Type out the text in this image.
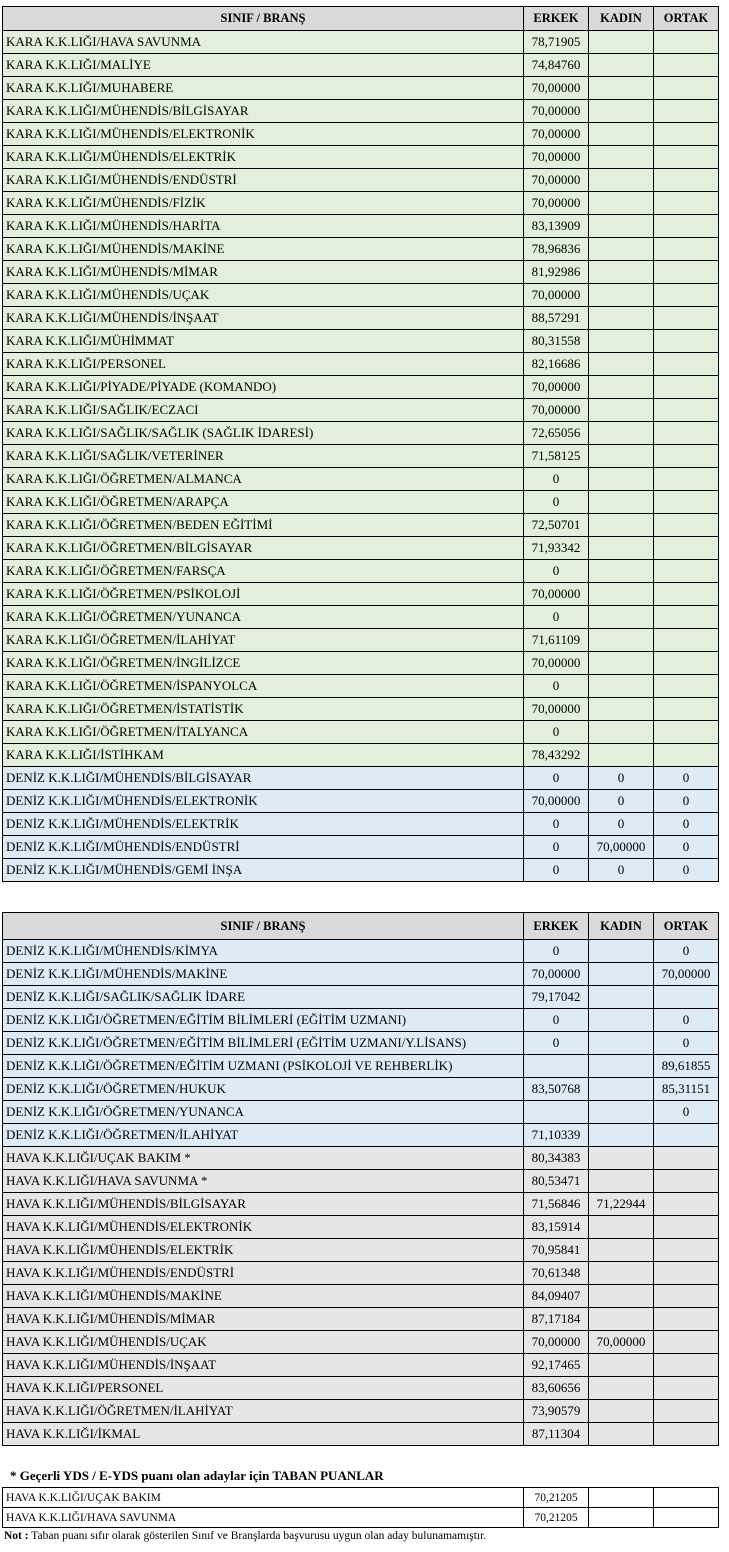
SINIF / BRANŞ	ERKEK	KADIN	ORTAK
KARA K.K.LIĞI/HAVA SAVUNMA	78,71905		
KARA K.K.LIĞI/MALİYE	74,84760		
KARA K.K.LIĞI/MUHABERE	70,00000		
KARA K.K.LIĞI/MÜHENDİS/BİLGİSAYAR	70,00000		
KARA K.K.LIĞI/MÜHENDİS/ELEKTRONİK	70,00000		
KARA K.K.LIĞI/MÜHENDİS/ELEKTRİK	70,00000		
KARA K.K.LIĞI/MÜHENDİS/ENDÜSTRİ	70,00000		
KARA K.K.LIĞI/MÜHENDİS/FİZİK	70,00000		
KARA K.K.LIĞI/MÜHENDİS/HARİTA	83,13909		
KARA K.K.LIĞI/MÜHENDİS/MAKİNE	78,96836		
KARA K.K.LIĞI/MÜHENDİS/MİMAR	81,92986		
KARA K.K.LIĞI/MÜHENDİS/UÇAK	70,00000		
KARA K.K.LIĞI/MÜHENDİS/İNŞAAT	88,57291		
KARA K.K.LIĞI/MÜHİMMAT	80,31558		
KARA K.K.LIĞI/PERSONEL	82,16686		
KARA K.K.LIĞI/PİYADE/PİYADE (KOMANDO)	70,00000		
KARA K.K.LIĞI/SAĞLIK/ECZACI	70,00000		
KARA K.K.LIĞI/SAĞLIK/SAĞLIK (SAĞLIK İDARESİ)	72,65056		
KARA K.K.LIĞI/SAĞLIK/VETERİNER	71,58125		
KARA K.K.LIĞI/ÖĞRETMEN/ALMANCA	0		
KARA K.K.LIĞI/ÖĞRETMEN/ARAPÇA	0		
KARA K.K.LIĞI/ÖĞRETMEN/BEDEN EĞİTİMİ	72,50701		
KARA K.K.LIĞI/ÖĞRETMEN/BİLGİSAYAR	71,93342		
KARA K.K.LIĞI/ÖĞRETMEN/FARSÇA	0		
KARA K.K.LIĞI/ÖĞRETMEN/PSİKOLOJİ	70,00000		
KARA K.K.LIĞI/ÖĞRETMEN/YUNANCA	0		
KARA K.K.LIĞI/ÖĞRETMEN/İLAHİYAT	71,61109		
KARA K.K.LIĞI/ÖĞRETMEN/İNGİLİZCE	70,00000		
KARA K.K.LIĞI/ÖĞRETMEN/İSPANYOLCA	0		
KARA K.K.LIĞI/ÖĞRETMEN/İSTATİSTİK	70,00000		
KARA K.K.LIĞI/ÖĞRETMEN/İTALYANCA	0		
KARA K.K.LIĞI/İSTİHKAM	78,43292		
DENİZ K.K.LIĞI/MÜHENDİS/BİLGİSAYAR	0	0	0
DENİZ K.K.LIĞI/MÜHENDİS/ELEKTRONİK	70,00000	0	0
DENİZ K.K.LIĞI/MÜHENDİS/ELEKTRİK	0	0	0
DENİZ K.K.LIĞI/MÜHENDİS/ENDÜSTRİ	0	70,00000	0
DENİZ K.K.LIĞI/MÜHENDİS/GEMİ İNŞA	0	0	0
SINIF / BRANŞ	ERKEK	KADIN	ORTAK
DENİZ K.K.LIĞI/MÜHENDİS/KİMYA	0		0
DENİZ K.K.LIĞI/MÜHENDİS/MAKİNE	70,00000		70,00000
DENİZ K.K.LIĞI/SAĞLIK/SAĞLIK İDARE	79,17042		
DENİZ K.K.LIĞI/ÖĞRETMEN/EĞİTİM BİLİMLERİ (EĞİTİM UZMANI)	0		0
DENİZ K.K.LIĞI/ÖĞRETMEN/EĞİTİM BİLİMLERİ (EĞİTİM UZMANI/Y.LİSANS)	0		0
DENİZ K.K.LIĞI/ÖĞRETMEN/EĞİTİM UZMANI (PSİKOLOJİ VE REHBERLİK)			89,61855
DENİZ K.K.LIĞI/ÖĞRETMEN/HUKUK	83,50768		85,31151
DENİZ K.K.LIĞI/ÖĞRETMEN/YUNANCA			0
DENİZ K.K.LIĞI/ÖĞRETMEN/İLAHİYAT	71,10339		
HAVA K.K.LIĞI/UÇAK BAKIM *	80,34383		
HAVA K.K.LIĞI/HAVA SAVUNMA *	80,53471		
HAVA K.K.LIĞI/MÜHENDİS/BİLGİSAYAR	71,56846	71,22944	
HAVA K.K.LIĞI/MÜHENDİS/ELEKTRONİK	83,15914		
HAVA K.K.LIĞI/MÜHENDİS/ELEKTRİK	70,95841		
HAVA K.K.LIĞI/MÜHENDİS/ENDÜSTRİ	70,61348		
HAVA K.K.LIĞI/MÜHENDİS/MAKİNE	84,09407		
HAVA K.K.LIĞI/MÜHENDİS/MİMAR	87,17184		
HAVA K.K.LIĞI/MÜHENDİS/UÇAK	70,00000	70,00000	
HAVA K.K.LIĞI/MÜHENDİS/İNŞAAT	92,17465		
HAVA K.K.LIĞI/PERSONEL	83,60656		
HAVA K.K.LIĞI/ÖĞRETMEN/İLAHİYAT	73,90579		
HAVA K.K.LIĞI/İKMAL	87,11304		
* Geçerli YDS / E-YDS puanı olan adaylar için TABAN PUANLAR
HAVA K.K.LIĞI/UÇAK BAKIM	70,21205		
HAVA K.K.LIĞI/HAVA SAVUNMA	70,21205		
Not : Taban puanı sıfır olarak gösterilen Sınıf ve Branşlarda başvurusu uygun olan aday bulunamamıştır.
